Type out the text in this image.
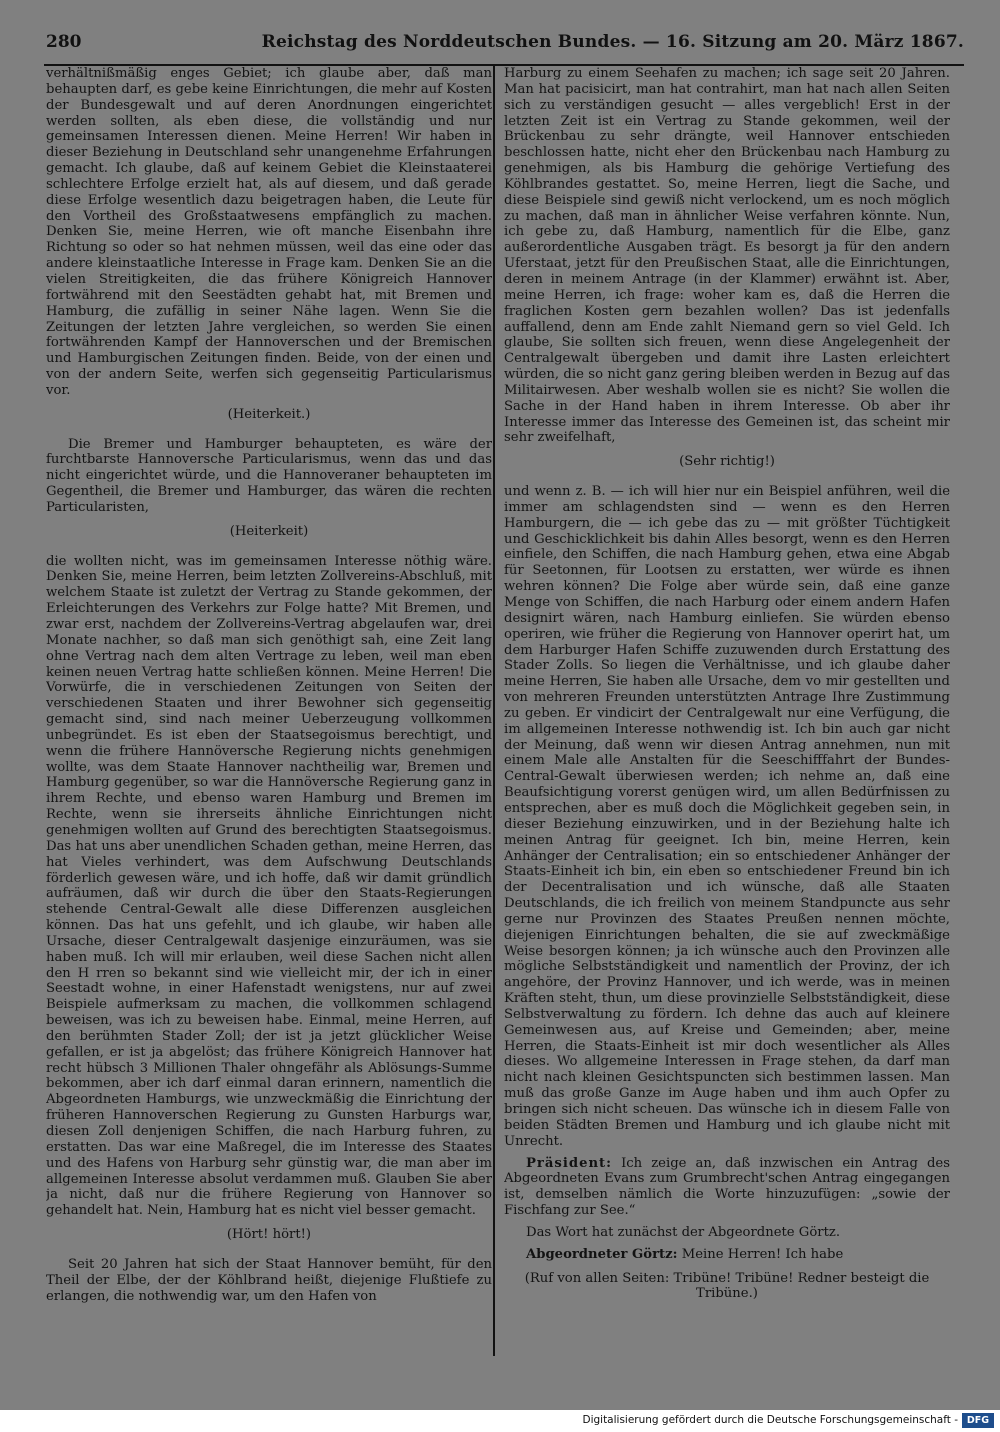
280	Reichstag des Norddeutschen Bundes. — 16. Sitzung am 20. März 1867.

verhältnißmäßig enges Gebiet; ich glaube aber, daß man behaupten darf, es gebe keine Einrichtungen, die mehr auf Kosten der Bundesgewalt und auf deren Anordnungen eingerichtet werden sollten, als eben diese, die vollständig und nur gemeinsamen Interessen dienen. Meine Herren! Wir haben in dieser Beziehung in Deutschland sehr unangenehme Erfahrungen gemacht. Ich glaube, daß auf keinem Gebiet die Kleinstaaterei schlechtere Erfolge erzielt hat, als auf diesem, und daß gerade diese Erfolge wesentlich dazu beigetragen haben, die Leute für den Vortheil des Großstaatwesens empfänglich zu machen. Denken Sie, meine Herren, wie oft manche Eisenbahn ihre Richtung so oder so hat nehmen müssen, weil das eine oder das andere kleinstaatliche Interesse in Frage kam. Denken Sie an die vielen Streitigkeiten, die das frühere Königreich Hannover fortwährend mit den Seestädten gehabt hat, mit Bremen und Hamburg, die zufällig in seiner Nähe lagen. Wenn Sie die Zeitungen der letzten Jahre vergleichen, so werden Sie einen fortwährenden Kampf der Hannoverschen und der Bremischen und Hamburgischen Zeitungen finden. Beide, von der einen und von der andern Seite, werfen sich gegenseitig Particularismus vor.

(Heiterkeit.)

Die Bremer und Hamburger behaupteten, es wäre der furchtbarste Hannoversche Particularismus, wenn das und das nicht eingerichtet würde, und die Hannoveraner behaupteten im Gegentheil, die Bremer und Hamburger, das wären die rechten Particularisten,

(Heiterkeit)

die wollten nicht, was im gemeinsamen Interesse nöthig wäre. Denken Sie, meine Herren, beim letzten Zollvereins-Abschluß, mit welchem Staate ist zuletzt der Vertrag zu Stande gekommen, der Erleichterungen des Verkehrs zur Folge hatte? Mit Bremen, und zwar erst, nachdem der Zollvereins-Vertrag abgelaufen war, drei Monate nachher, so daß man sich genöthigt sah, eine Zeit lang ohne Vertrag nach dem alten Vertrage zu leben, weil man eben keinen neuen Vertrag hatte schließen können. Meine Herren! Die Vorwürfe, die in verschiedenen Zeitungen von Seiten der verschiedenen Staaten und ihrer Bewohner sich gegenseitig gemacht sind, sind nach meiner Ueberzeugung vollkommen unbegründet. Es ist eben der Staatsegoismus berechtigt, und wenn die frühere Hannöversche Regierung nichts genehmigen wollte, was dem Staate Hannover nachtheilig war, Bremen und Hamburg gegenüber, so war die Hannöversche Regierung ganz in ihrem Rechte, und ebenso waren Hamburg und Bremen im Rechte, wenn sie ihrerseits ähnliche Einrichtungen nicht genehmigen wollten auf Grund des berechtigten Staatsegoismus. Das hat uns aber unendlichen Schaden gethan, meine Herren, das hat Vieles verhindert, was dem Aufschwung Deutschlands förderlich gewesen wäre, und ich hoffe, daß wir damit gründlich aufräumen, daß wir durch die über den Staats-Regierungen stehende Central-Gewalt alle diese Differenzen ausgleichen können. Das hat uns gefehlt, und ich glaube, wir haben alle Ursache, dieser Centralgewalt dasjenige einzuräumen, was sie haben muß. Ich will mir erlauben, weil diese Sachen nicht allen den H rren so bekannt sind wie vielleicht mir, der ich in einer Seestadt wohne, in einer Hafenstadt wenigstens, nur auf zwei Beispiele aufmerksam zu machen, die vollkommen schlagend beweisen, was ich zu beweisen habe. Einmal, meine Herren, auf den berühmten Stader Zoll; der ist ja jetzt glücklicher Weise gefallen, er ist ja abgelöst; das frühere Königreich Hannover hat recht hübsch 3 Millionen Thaler ohngefähr als Ablösungs-Summe bekommen, aber ich darf einmal daran erinnern, namentlich die Abgeordneten Hamburgs, wie unzweckmäßig die Einrichtung der früheren Hannoverschen Regierung zu Gunsten Harburgs war, diesen Zoll denjenigen Schiffen, die nach Harburg fuhren, zu erstatten. Das war eine Maßregel, die im Interesse des Staates und des Hafens von Harburg sehr günstig war, die man aber im allgemeinen Interesse absolut verdammen muß. Glauben Sie aber ja nicht, daß nur die frühere Regierung von Hannover so gehandelt hat. Nein, Hamburg hat es nicht viel besser gemacht.

(Hört! hört!)

Seit 20 Jahren hat sich der Staat Hannover bemüht, für den Theil der Elbe, der der Köhlbrand heißt, diejenige Flußtiefe zu erlangen, die nothwendig war, um den Hafen von

Harburg zu einem Seehafen zu machen; ich sage seit 20 Jahren. Man hat pacisicirt, man hat contrahirt, man hat nach allen Seiten sich zu verständigen gesucht — alles vergeblich! Erst in der letzten Zeit ist ein Vertrag zu Stande gekommen, weil der Brückenbau zu sehr drängte, weil Hannover entschieden beschlossen hatte, nicht eher den Brückenbau nach Hamburg zu genehmigen, als bis Hamburg die gehörige Vertiefung des Köhlbrandes gestattet. So, meine Herren, liegt die Sache, und diese Beispiele sind gewiß nicht verlockend, um es noch möglich zu machen, daß man in ähnlicher Weise verfahren könnte. Nun, ich gebe zu, daß Hamburg, namentlich für die Elbe, ganz außerordentliche Ausgaben trägt. Es besorgt ja für den andern Uferstaat, jetzt für den Preußischen Staat, alle die Einrichtungen, deren in meinem Antrage (in der Klammer) erwähnt ist. Aber, meine Herren, ich frage: woher kam es, daß die Herren die fraglichen Kosten gern bezahlen wollen? Das ist jedenfalls auffallend, denn am Ende zahlt Niemand gern so viel Geld. Ich glaube, Sie sollten sich freuen, wenn diese Angelegenheit der Centralgewalt übergeben und damit ihre Lasten erleichtert würden, die so nicht ganz gering bleiben werden in Bezug auf das Militairwesen. Aber weshalb wollen sie es nicht? Sie wollen die Sache in der Hand haben in ihrem Interesse. Ob aber ihr Interesse immer das Interesse des Gemeinen ist, das scheint mir sehr zweifelhaft,

(Sehr richtig!)

und wenn z. B. — ich will hier nur ein Beispiel anführen, weil die immer am schlagendsten sind — wenn es den Herren Hamburgern, die — ich gebe das zu — mit größter Tüchtigkeit und Geschicklichkeit bis dahin Alles besorgt, wenn es den Herren einfiele, den Schiffen, die nach Hamburg gehen, etwa eine Abgab für Seetonnen, für Lootsen zu erstatten, wer würde es ihnen wehren können? Die Folge aber würde sein, daß eine ganze Menge von Schiffen, die nach Harburg oder einem andern Hafen designirt wären, nach Hamburg einliefen. Sie würden ebenso operiren, wie früher die Regierung von Hannover operirt hat, um dem Harburger Hafen Schiffe zuzuwenden durch Erstattung des Stader Zolls. So liegen die Verhältnisse, und ich glaube daher meine Herren, Sie haben alle Ursache, dem vo mir gestellten und von mehreren Freunden unterstützten Antrage Ihre Zustimmung zu geben. Er vindicirt der Centralgewalt nur eine Verfügung, die im allgemeinen Interesse nothwendig ist. Ich bin auch gar nicht der Meinung, daß wenn wir diesen Antrag annehmen, nun mit einem Male alle Anstalten für die Seeschifffahrt der Bundes-Central-Gewalt überwiesen werden; ich nehme an, daß eine Beaufsichtigung vorerst genügen wird, um allen Bedürfnissen zu entsprechen, aber es muß doch die Möglichkeit gegeben sein, in dieser Beziehung einzuwirken, und in der Beziehung halte ich meinen Antrag für geeignet. Ich bin, meine Herren, kein Anhänger der Centralisation; ein so entschiedener Anhänger der Staats-Einheit ich bin, ein eben so entschiedener Freund bin ich der Decentralisation und ich wünsche, daß alle Staaten Deutschlands, die ich freilich von meinem Standpuncte aus sehr gerne nur Provinzen des Staates Preußen nennen möchte, diejenigen Einrichtungen behalten, die sie auf zweckmäßige Weise besorgen können; ja ich wünsche auch den Provinzen alle mögliche Selbstständigkeit und namentlich der Provinz, der ich angehöre, der Provinz Hannover, und ich werde, was in meinen Kräften steht, thun, um diese provinzielle Selbstständigkeit, diese Selbstverwaltung zu fördern. Ich dehne das auch auf kleinere Gemeinwesen aus, auf Kreise und Gemeinden; aber, meine Herren, die Staats-Einheit ist mir doch wesentlicher als Alles dieses. Wo allgemeine Interessen in Frage stehen, da darf man nicht nach kleinen Gesichtspuncten sich bestimmen lassen. Man muß das große Ganze im Auge haben und ihm auch Opfer zu bringen sich nicht scheuen. Das wünsche ich in diesem Falle von beiden Städten Bremen und Hamburg und ich glaube nicht mit Unrecht.

Präsident: Ich zeige an, daß inzwischen ein Antrag des Abgeordneten Evans zum Grumbrecht'schen Antrag eingegangen ist, demselben nämlich die Worte hinzuzufügen: „sowie der Fischfang zur See.“

Das Wort hat zunächst der Abgeordnete Görtz.

Abgeordneter Görtz: Meine Herren! Ich habe

(Ruf von allen Seiten: Tribüne! Tribüne! Redner besteigt die Tribüne.)

Digitalisierung gefördert durch die Deutsche Forschungsgemeinschaft - DFG
